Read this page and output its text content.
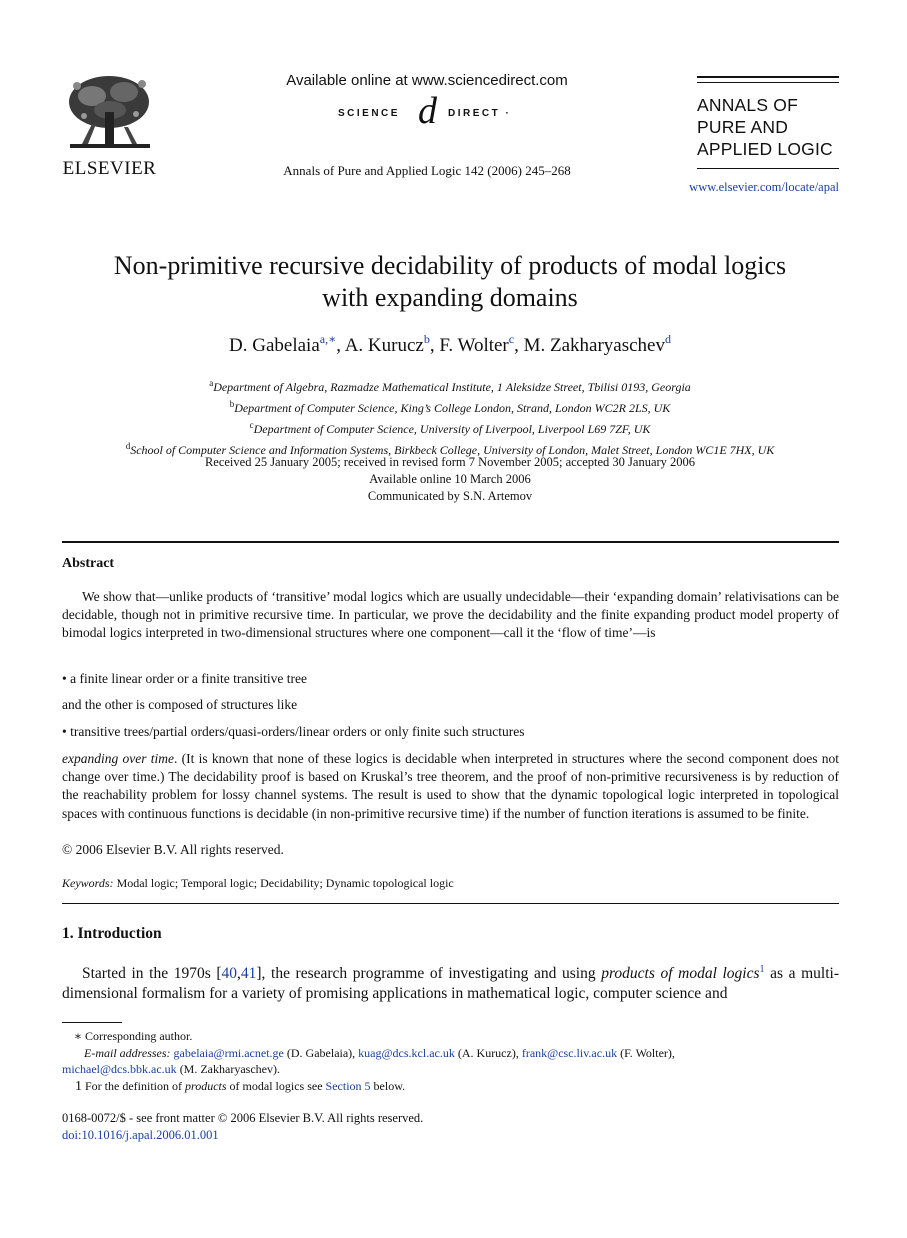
ELSEVIER
Available online at www.sciencedirect.com
SCIENCE d DIRECT ·
Annals of Pure and Applied Logic 142 (2006) 245–268
ANNALS OF
PURE AND
APPLIED LOGIC
www.elsevier.com/locate/apal
Non-primitive recursive decidability of products of modal logics
with expanding domains
D. Gabelaia$^{a,∗}$, A. Kurucz$^b$, F. Wolter$^c$, M. Zakharyaschev$^d$
$^a$Department of Algebra, Razmadze Mathematical Institute, 1 Aleksidze Street, Tbilisi 0193, Georgia
$^b$Department of Computer Science, King’s College London, Strand, London WC2R 2LS, UK
$^c$Department of Computer Science, University of Liverpool, Liverpool L69 7ZF, UK
$^d$School of Computer Science and Information Systems, Birkbeck College, University of London, Malet Street, London WC1E 7HX, UK
Received 25 January 2005; received in revised form 7 November 2005; accepted 30 January 2006
Available online 10 March 2006
Communicated by S.N. Artemov
Abstract
We show that—unlike products of ‘transitive’ modal logics which are usually undecidable—their ‘expanding domain’ relativisations can be decidable, though not in primitive recursive time. In particular, we prove the decidability and the finite expanding product model property of bimodal logics interpreted in two-dimensional structures where one component—call it the ‘flow of time’—is
• a finite linear order or a finite transitive tree
and the other is composed of structures like
• transitive trees/partial orders/quasi-orders/linear orders or only finite such structures
expanding over time. (It is known that none of these logics is decidable when interpreted in structures where the second component does not change over time.) The decidability proof is based on Kruskal’s tree theorem, and the proof of non-primitive recursiveness is by reduction of the reachability problem for lossy channel systems. The result is used to show that the dynamic topological logic interpreted in topological spaces with continuous functions is decidable (in non-primitive recursive time) if the number of function iterations is assumed to be finite.
© 2006 Elsevier B.V. All rights reserved.
Keywords: Modal logic; Temporal logic; Decidability; Dynamic topological logic
1. Introduction
Started in the 1970s [40,41], the research programme of investigating and using products of modal logics$^1$ as a multi-dimensional formalism for a variety of promising applications in mathematical logic, computer science and
∗ Corresponding author.
E-mail addresses: gabelaia@rmi.acnet.ge (D. Gabelaia), kuag@dcs.kcl.ac.uk (A. Kurucz), frank@csc.liv.ac.uk (F. Wolter),
michael@dcs.bbk.ac.uk (M. Zakharyaschev).
1 For the definition of products of modal logics see Section 5 below.
0168-0072/$ - see front matter © 2006 Elsevier B.V. All rights reserved.
doi:10.1016/j.apal.2006.01.001
